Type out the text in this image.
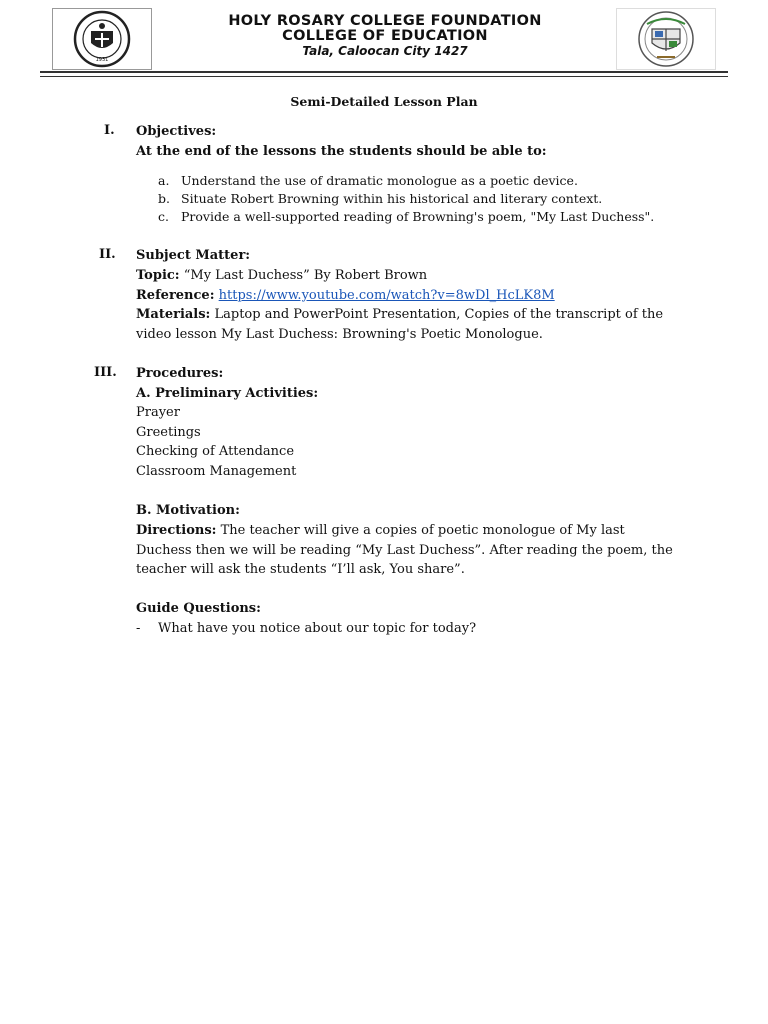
1931
HOLY ROSARY COLLEGE FOUNDATION
COLLEGE OF EDUCATION
Tala, Caloocan City 1427
Semi-Detailed Lesson Plan
I. Objectives:
At the end of the lessons the students should be able to:
a. Understand the use of dramatic monologue as a poetic device.
b. Situate Robert Browning within his historical and literary context.
c. Provide a well-supported reading of Browning's poem, "My Last Duchess".
II. Subject Matter:
Topic: “My Last Duchess” By Robert Brown
Reference: https://www.youtube.com/watch?v=8wDl_HcLK8M
Materials: Laptop and PowerPoint Presentation, Copies of the transcript of the video lesson My Last Duchess: Browning's Poetic Monologue.
III. Procedures:
A. Preliminary Activities:
Prayer
Greetings
Checking of Attendance
Classroom Management
B. Motivation:
Directions: The teacher will give a copies of poetic monologue of My last Duchess then we will be reading “My Last Duchess”. After reading the poem, the teacher will ask the students “I’ll ask, You share”.
Guide Questions:
- What have you notice about our topic for today?
